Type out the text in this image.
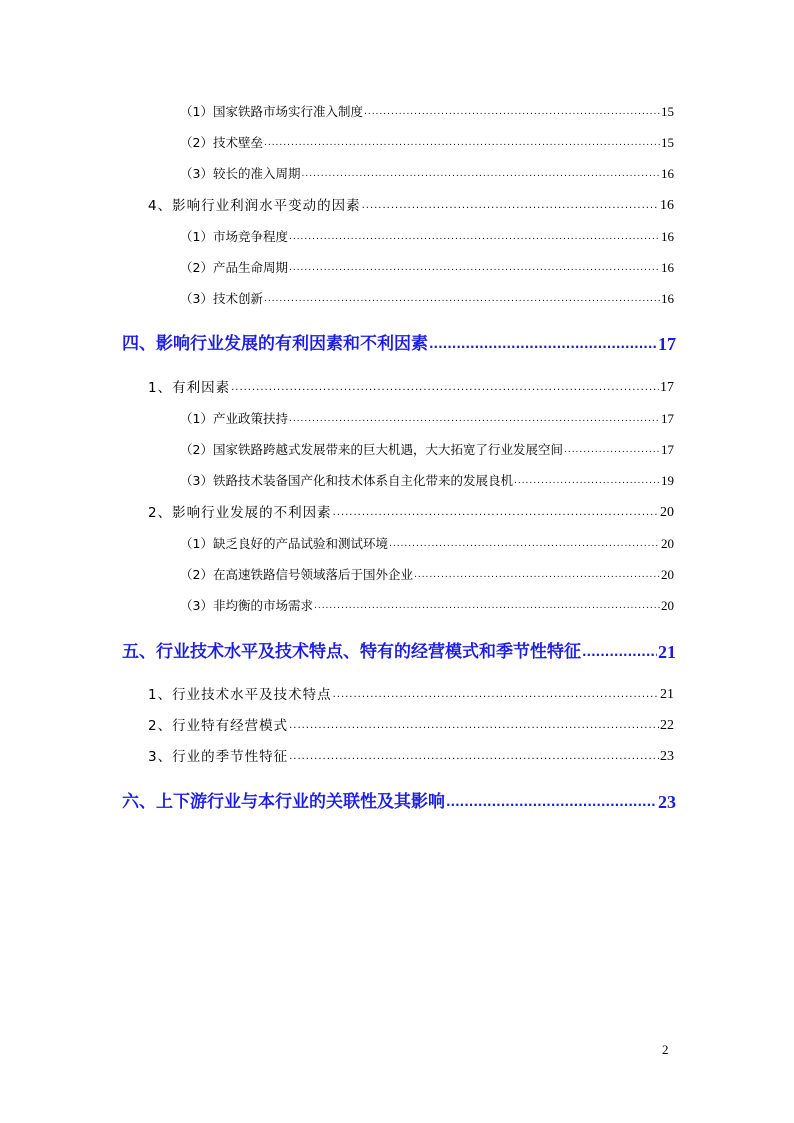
（1）国家铁路市场实行准入制度 .....	15
（2）技术壁垒 .....	15
（3）较长的准入周期 .....	16
4、影响行业利润水平变动的因素 .....	16
（1）市场竞争程度 .....	16
（2）产品生命周期 .....	16
（3）技术创新 .....	16
四、影响行业发展的有利因素和不利因素 .....	17
1、有利因素 .....	17
（1）产业政策扶持 .....	17
（2）国家铁路跨越式发展带来的巨大机遇，大大拓宽了行业发展空间 .....	17
（3）铁路技术装备国产化和技术体系自主化带来的发展良机 .....	19
2、影响行业发展的不利因素 .....	20
（1）缺乏良好的产品试验和测试环境 .....	20
（2）在高速铁路信号领域落后于国外企业 .....	20
（3）非均衡的市场需求 .....	20
五、行业技术水平及技术特点、特有的经营模式和季节性特征 .....	21
1、行业技术水平及技术特点 .....	21
2、行业特有经营模式 .....	22
3、行业的季节性特征 .....	23
六、上下游行业与本行业的关联性及其影响 .....	23
2
